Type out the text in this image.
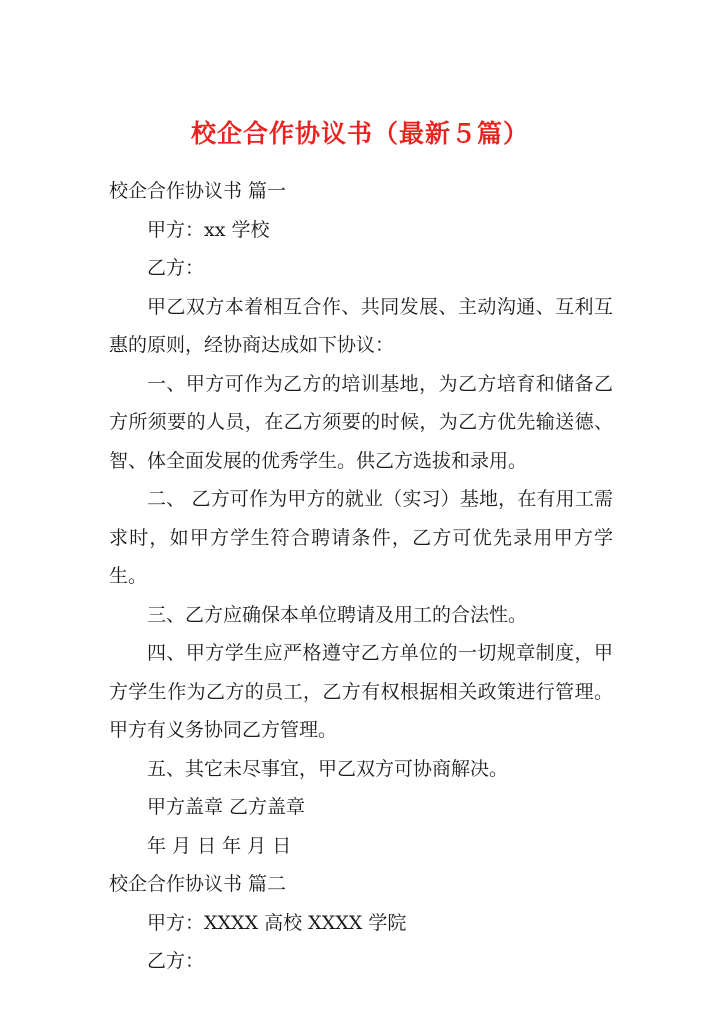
校企合作协议书（最新５篇）

校企合作协议书 篇一

甲方：xx 学校

乙方：

甲乙双方本着相互合作、共同发展、主动沟通、互利互惠的原则，经协商达成如下协议：

一、甲方可作为乙方的培训基地，为乙方培育和储备乙方所须要的人员，在乙方须要的时候，为乙方优先输送德、智、体全面发展的优秀学生。供乙方选拔和录用。

二、 乙方可作为甲方的就业（实习）基地，在有用工需求时，如甲方学生符合聘请条件，乙方可优先录用甲方学生。

三、乙方应确保本单位聘请及用工的合法性。

四、甲方学生应严格遵守乙方单位的一切规章制度，甲方学生作为乙方的员工，乙方有权根据相关政策进行管理。甲方有义务协同乙方管理。

五、其它未尽事宜，甲乙双方可协商解决。

甲方盖章 乙方盖章

年 月 日 年 月 日

校企合作协议书 篇二

甲方：XXXX 高校 XXXX 学院

乙方：
